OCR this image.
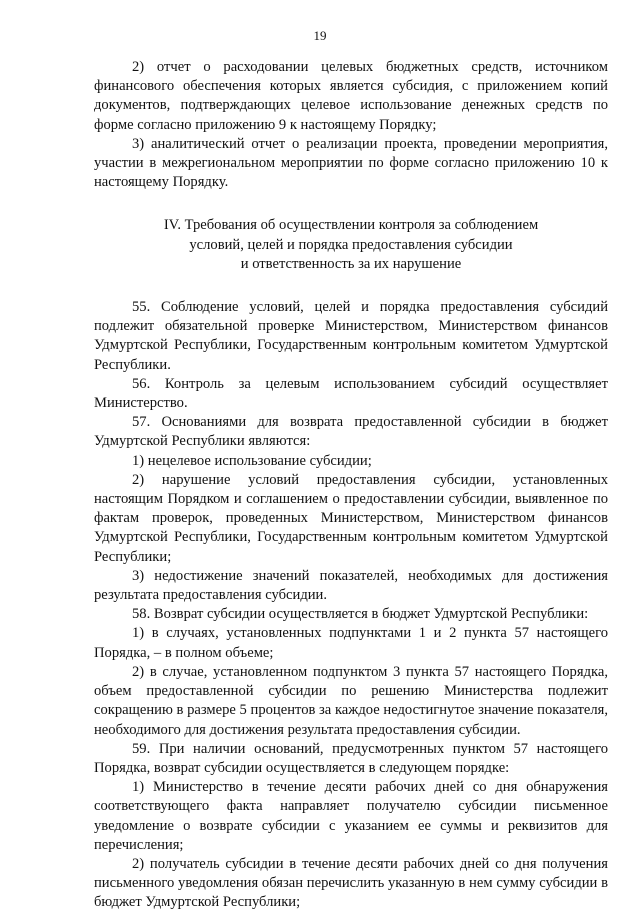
19

2) отчет о расходовании целевых бюджетных средств, источником финансового обеспечения которых является субсидия, с приложением копий документов, подтверждающих целевое использование денежных средств по форме согласно приложению 9 к настоящему Порядку;

3) аналитический отчет о реализации проекта, проведении мероприятия, участии в межрегиональном мероприятии по форме согласно приложению 10 к настоящему Порядку.

IV. Требования об осуществлении контроля за соблюдением
условий, целей и порядка предоставления субсидии
и ответственность за их нарушение

55. Соблюдение условий, целей и порядка предоставления субсидий подлежит обязательной проверке Министерством, Министерством финансов Удмуртской Республики, Государственным контрольным комитетом Удмуртской Республики.

56. Контроль за целевым использованием субсидий осуществляет Министерство.

57. Основаниями для возврата предоставленной субсидии в бюджет Удмуртской Республики являются:

1) нецелевое использование субсидии;

2) нарушение условий предоставления субсидии, установленных настоящим Порядком и соглашением о предоставлении субсидии, выявленное по фактам проверок, проведенных Министерством, Министерством финансов Удмуртской Республики, Государственным контрольным комитетом Удмуртской Республики;

3) недостижение значений показателей, необходимых для достижения результата предоставления субсидии.

58. Возврат субсидии осуществляется в бюджет Удмуртской Республики:

1) в случаях, установленных подпунктами 1 и 2 пункта 57 настоящего Порядка, – в полном объеме;

2) в случае, установленном подпунктом 3 пункта 57 настоящего Порядка, объем предоставленной субсидии по решению Министерства подлежит сокращению в размере 5 процентов за каждое недостигнутое значение показателя, необходимого для достижения результата предоставления субсидии.

59. При наличии оснований, предусмотренных пунктом 57 настоящего Порядка, возврат субсидии осуществляется в следующем порядке:

1) Министерство в течение десяти рабочих дней со дня обнаружения соответствующего факта направляет получателю субсидии письменное уведомление о возврате субсидии с указанием ее суммы и реквизитов для перечисления;

2) получатель субсидии в течение десяти рабочих дней со дня получения письменного уведомления обязан перечислить указанную в нем сумму субсидии в бюджет Удмуртской Республики;
